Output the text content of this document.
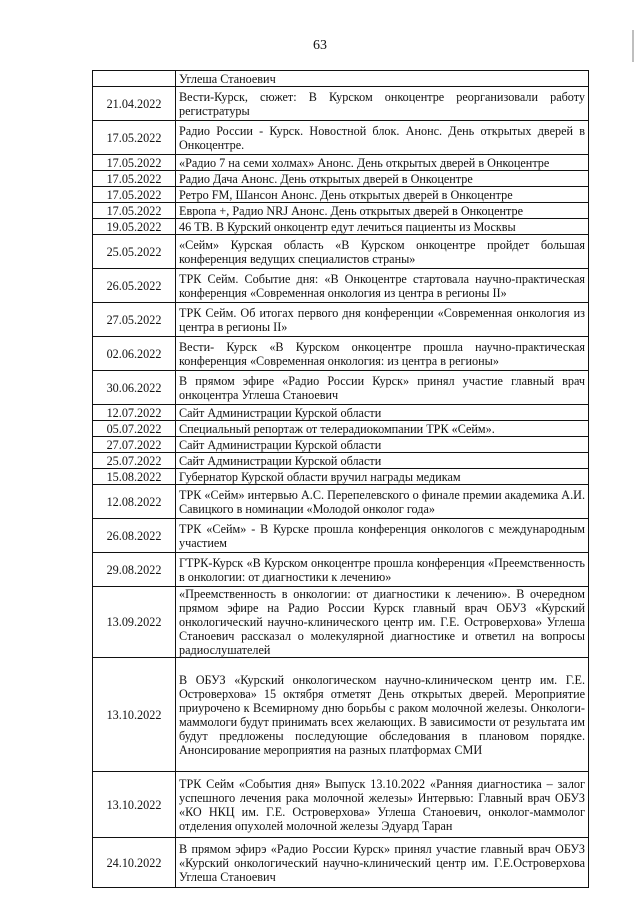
63
	Углеша Станоевич
21.04.2022	Вести-Курск, сюжет: В Курском онкоцентре реорганизовали работу регистратуры
17.05.2022	Радио России - Курск. Новостной блок. Анонс. День открытых дверей в Онкоцентре.
17.05.2022	«Радио 7 на семи холмах» Анонс. День открытых дверей в Онкоцентре
17.05.2022	Радио Дача Анонс. День открытых дверей в Онкоцентре
17.05.2022	Ретро FM, Шансон Анонс. День открытых дверей в Онкоцентре
17.05.2022	Европа +, Радио NRJ Анонс. День открытых дверей в Онкоцентре
19.05.2022	46 ТВ. В Курский онкоцентр едут лечиться пациенты из Москвы
25.05.2022	«Сейм» Курская область «В Курском онкоцентре пройдет большая конференция ведущих специалистов страны»
26.05.2022	ТРК Сейм. Событие дня: «В Онкоцентре стартовала научно-практическая конференция «Современная онкология из центра в регионы II»
27.05.2022	ТРК Сейм. Об итогах первого дня конференции «Современная онкология из центра в регионы II»
02.06.2022	Вести- Курск «В Курском онкоцентре прошла научно-практическая конференция «Современная онкология: из центра в регионы»
30.06.2022	В прямом эфире «Радио России Курск» принял участие главный врач онкоцентра Углеша Станоевич
12.07.2022	Сайт Администрации Курской области
05.07.2022	Специальный репортаж от телерадиокомпании ТРК «Сейм».
27.07.2022	Сайт Администрации Курской области
25.07.2022	Сайт Администрации Курской области
15.08.2022	Губернатор Курской области вручил награды медикам
12.08.2022	ТРК «Сейм» интервью А.С. Перепелевского о финале премии академика А.И. Савицкого в номинации «Молодой онколог года»
26.08.2022	ТРК «Сейм» - В Курске прошла конференция онкологов с международным участием
29.08.2022	ГТРК-Курск «В Курском онкоцентре прошла конференция «Преемственность в онкологии: от диагностики к лечению»
13.09.2022	«Преемственность в онкологии: от диагностики к лечению». В очередном прямом эфире на Радио России Курск главный врач ОБУЗ «Курский онкологический научно-клинического центр им. Г.Е. Островерхова» Углеша Станоевич рассказал о молекулярной диагностике и ответил на вопросы радиослушателей
13.10.2022	В ОБУЗ «Курский онкологическом научно-клиническом центр им. Г.Е. Островерхова» 15 октября отметят День открытых дверей. Мероприятие приурочено к Всемирному дню борьбы с раком молочной железы. Онкологи-маммологи будут принимать всех желающих. В зависимости от результата им будут предложены последующие обследования в плановом порядке. Анонсирование мероприятия на разных платформах СМИ
13.10.2022	ТРК Сейм «События дня» Выпуск 13.10.2022 «Ранняя диагностика – залог успешного лечения рака молочной железы» Интервью: Главный врач ОБУЗ «КО НКЦ им. Г.Е. Островерхова» Углеша Станоевич, онколог-маммолог отделения опухолей молочной железы Эдуард Таран
24.10.2022	В прямом эфирэ «Радио России Курск» принял участие главный врач ОБУЗ «Курский онкологический научно-клинический центр им. Г.Е.Островерхова Углеша Станоевич
